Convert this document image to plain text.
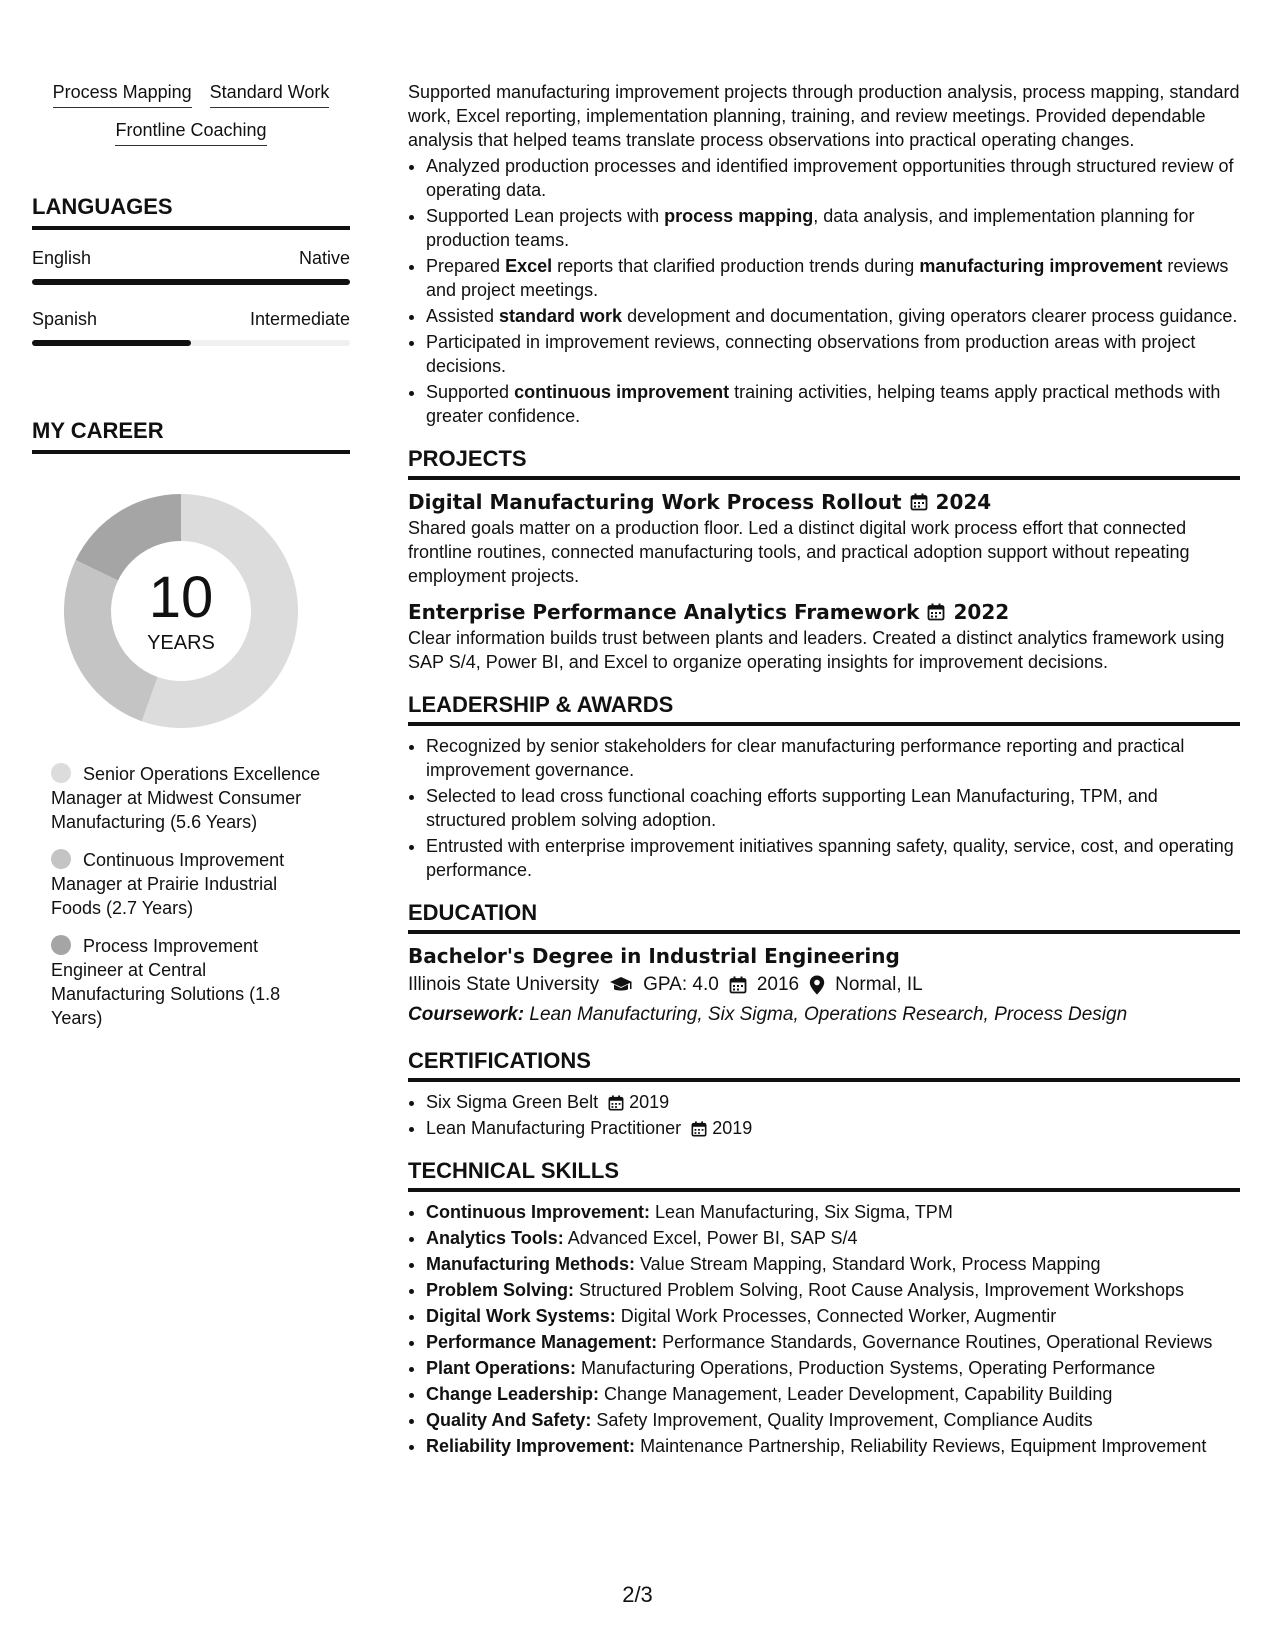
Process Mapping Standard Work
Frontline Coaching
LANGUAGES
English	Native
Spanish	Intermediate
MY CAREER
10
YEARS
Senior Operations Excellence Manager at Midwest Consumer Manufacturing (5.6 Years)
Continuous Improvement Manager at Prairie Industrial Foods (2.7 Years)
Process Improvement Engineer at Central Manufacturing Solutions (1.8 Years)

Supported manufacturing improvement projects through production analysis, process mapping, standard work, Excel reporting, implementation planning, training, and review meetings. Provided dependable analysis that helped teams translate process observations into practical operating changes.

• Analyzed production processes and identified improvement opportunities through structured review of operating data.
• Supported Lean projects with process mapping, data analysis, and implementation planning for production teams.
• Prepared Excel reports that clarified production trends during manufacturing improvement reviews and project meetings.
• Assisted standard work development and documentation, giving operators clearer process guidance.
• Participated in improvement reviews, connecting observations from production areas with project decisions.
• Supported continuous improvement training activities, helping teams apply practical methods with greater confidence.
PROJECTS
Digital Manufacturing Work Process Rollout 2024
Shared goals matter on a production floor. Led a distinct digital work process effort that connected frontline routines, connected manufacturing tools, and practical adoption support without repeating employment projects.
Enterprise Performance Analytics Framework 2022
Clear information builds trust between plants and leaders. Created a distinct analytics framework using SAP S/4, Power BI, and Excel to organize operating insights for improvement decisions.
LEADERSHIP & AWARDS
• Recognized by senior stakeholders for clear manufacturing performance reporting and practical improvement governance.
• Selected to lead cross functional coaching efforts supporting Lean Manufacturing, TPM, and structured problem solving adoption.
• Entrusted with enterprise improvement initiatives spanning safety, quality, service, cost, and operating performance.
EDUCATION
Bachelor's Degree in Industrial Engineering
Illinois State University GPA: 4.0 2016 Normal, IL
Coursework: Lean Manufacturing, Six Sigma, Operations Research, Process Design
CERTIFICATIONS
• Six Sigma Green Belt 2019
• Lean Manufacturing Practitioner 2019
TECHNICAL SKILLS
• Continuous Improvement: Lean Manufacturing, Six Sigma, TPM
• Analytics Tools: Advanced Excel, Power BI, SAP S/4
• Manufacturing Methods: Value Stream Mapping, Standard Work, Process Mapping
• Problem Solving: Structured Problem Solving, Root Cause Analysis, Improvement Workshops
• Digital Work Systems: Digital Work Processes, Connected Worker, Augmentir
• Performance Management: Performance Standards, Governance Routines, Operational Reviews
• Plant Operations: Manufacturing Operations, Production Systems, Operating Performance
• Change Leadership: Change Management, Leader Development, Capability Building
• Quality And Safety: Safety Improvement, Quality Improvement, Compliance Audits
• Reliability Improvement: Maintenance Partnership, Reliability Reviews, Equipment Improvement
2/3
